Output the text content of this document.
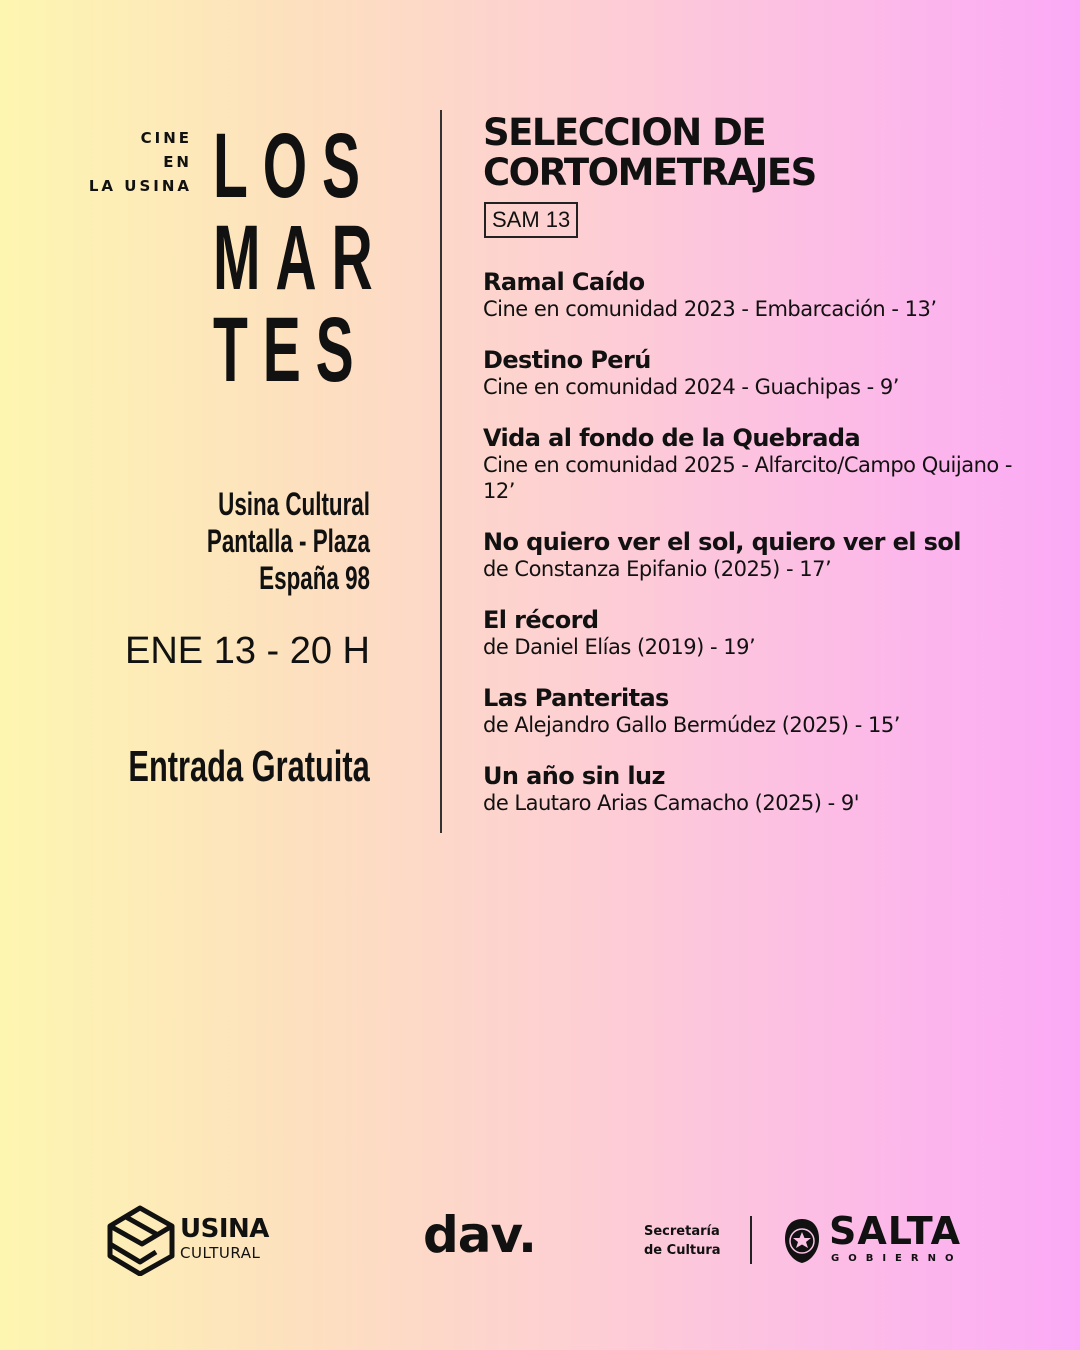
CINE
EN
LA USINA LOS
MAR
TES
Usina Cultural
Pantalla - Plaza
España 98
ENE 13 - 20 H
Entrada Gratuita
SELECCION DE
CORTOMETRAJES
SAM 13
Ramal Caído
Cine en comunidad 2023 - Embarcación - 13’
Destino Perú
Cine en comunidad 2024 - Guachipas - 9’
Vida al fondo de la Quebrada
Cine en comunidad 2025 - Alfarcito/Campo Quijano - 12’
No quiero ver el sol, quiero ver el sol
de Constanza Epifanio (2025) - 17’
El récord
de Daniel Elías (2019) - 19’
Las Panteritas
de Alejandro Gallo Bermúdez (2025) - 15’
Un año sin luz
de Lautaro Arias Camacho (2025) - 9'
USINA
CULTURAL	dav.	Secretaría
de Cultura	SALTA
GOBIERNO
